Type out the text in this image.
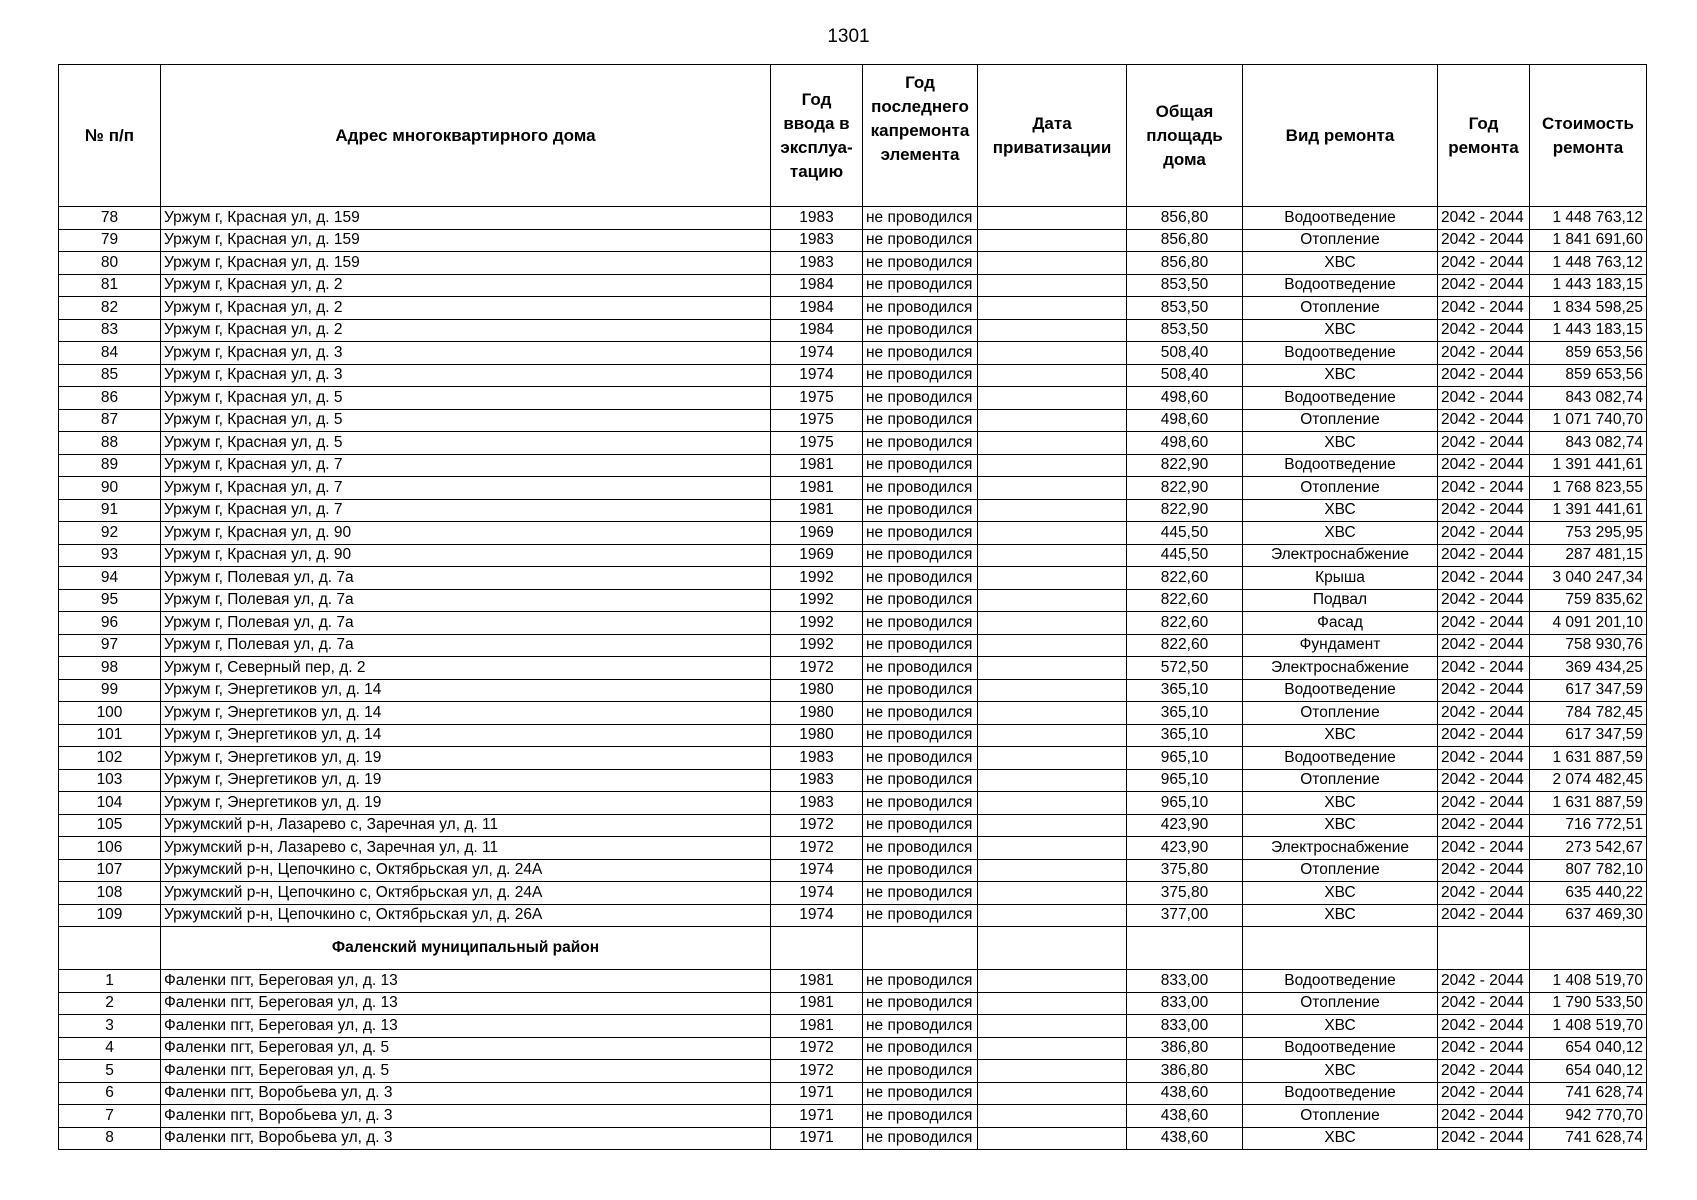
1301
№ п/п	Адрес многоквартирного дома	Год ввода в эксплуа-тацию	Год последнего капремонта элемента	Дата приватизации	Общая площадь дома	Вид ремонта	Год ремонта	Стоимость ремонта
78	Уржум г, Красная ул, д. 159	1983	не проводился		856,80	Водоотведение	2042 - 2044	1 448 763,12
79	Уржум г, Красная ул, д. 159	1983	не проводился		856,80	Отопление	2042 - 2044	1 841 691,60
80	Уржум г, Красная ул, д. 159	1983	не проводился		856,80	ХВС	2042 - 2044	1 448 763,12
81	Уржум г, Красная ул, д. 2	1984	не проводился		853,50	Водоотведение	2042 - 2044	1 443 183,15
82	Уржум г, Красная ул, д. 2	1984	не проводился		853,50	Отопление	2042 - 2044	1 834 598,25
83	Уржум г, Красная ул, д. 2	1984	не проводился		853,50	ХВС	2042 - 2044	1 443 183,15
84	Уржум г, Красная ул, д. 3	1974	не проводился		508,40	Водоотведение	2042 - 2044	859 653,56
85	Уржум г, Красная ул, д. 3	1974	не проводился		508,40	ХВС	2042 - 2044	859 653,56
86	Уржум г, Красная ул, д. 5	1975	не проводился		498,60	Водоотведение	2042 - 2044	843 082,74
87	Уржум г, Красная ул, д. 5	1975	не проводился		498,60	Отопление	2042 - 2044	1 071 740,70
88	Уржум г, Красная ул, д. 5	1975	не проводился		498,60	ХВС	2042 - 2044	843 082,74
89	Уржум г, Красная ул, д. 7	1981	не проводился		822,90	Водоотведение	2042 - 2044	1 391 441,61
90	Уржум г, Красная ул, д. 7	1981	не проводился		822,90	Отопление	2042 - 2044	1 768 823,55
91	Уржум г, Красная ул, д. 7	1981	не проводился		822,90	ХВС	2042 - 2044	1 391 441,61
92	Уржум г, Красная ул, д. 90	1969	не проводился		445,50	ХВС	2042 - 2044	753 295,95
93	Уржум г, Красная ул, д. 90	1969	не проводился		445,50	Электроснабжение	2042 - 2044	287 481,15
94	Уржум г, Полевая ул, д. 7а	1992	не проводился		822,60	Крыша	2042 - 2044	3 040 247,34
95	Уржум г, Полевая ул, д. 7а	1992	не проводился		822,60	Подвал	2042 - 2044	759 835,62
96	Уржум г, Полевая ул, д. 7а	1992	не проводился		822,60	Фасад	2042 - 2044	4 091 201,10
97	Уржум г, Полевая ул, д. 7а	1992	не проводился		822,60	Фундамент	2042 - 2044	758 930,76
98	Уржум г, Северный пер, д. 2	1972	не проводился		572,50	Электроснабжение	2042 - 2044	369 434,25
99	Уржум г, Энергетиков ул, д. 14	1980	не проводился		365,10	Водоотведение	2042 - 2044	617 347,59
100	Уржум г, Энергетиков ул, д. 14	1980	не проводился		365,10	Отопление	2042 - 2044	784 782,45
101	Уржум г, Энергетиков ул, д. 14	1980	не проводился		365,10	ХВС	2042 - 2044	617 347,59
102	Уржум г, Энергетиков ул, д. 19	1983	не проводился		965,10	Водоотведение	2042 - 2044	1 631 887,59
103	Уржум г, Энергетиков ул, д. 19	1983	не проводился		965,10	Отопление	2042 - 2044	2 074 482,45
104	Уржум г, Энергетиков ул, д. 19	1983	не проводился		965,10	ХВС	2042 - 2044	1 631 887,59
105	Уржумский р-н, Лазарево с, Заречная ул, д. 11	1972	не проводился		423,90	ХВС	2042 - 2044	716 772,51
106	Уржумский р-н, Лазарево с, Заречная ул, д. 11	1972	не проводился		423,90	Электроснабжение	2042 - 2044	273 542,67
107	Уржумский р-н, Цепочкино с, Октябрьская ул, д. 24А	1974	не проводился		375,80	Отопление	2042 - 2044	807 782,10
108	Уржумский р-н, Цепочкино с, Октябрьская ул, д. 24А	1974	не проводился		375,80	ХВС	2042 - 2044	635 440,22
109	Уржумский р-н, Цепочкино с, Октябрьская ул, д. 26А	1974	не проводился		377,00	ХВС	2042 - 2044	637 469,30
	Фаленский муниципальный район							
1	Фаленки пгт, Береговая ул, д. 13	1981	не проводился		833,00	Водоотведение	2042 - 2044	1 408 519,70
2	Фаленки пгт, Береговая ул, д. 13	1981	не проводился		833,00	Отопление	2042 - 2044	1 790 533,50
3	Фаленки пгт, Береговая ул, д. 13	1981	не проводился		833,00	ХВС	2042 - 2044	1 408 519,70
4	Фаленки пгт, Береговая ул, д. 5	1972	не проводился		386,80	Водоотведение	2042 - 2044	654 040,12
5	Фаленки пгт, Береговая ул, д. 5	1972	не проводился		386,80	ХВС	2042 - 2044	654 040,12
6	Фаленки пгт, Воробьева ул, д. 3	1971	не проводился		438,60	Водоотведение	2042 - 2044	741 628,74
7	Фаленки пгт, Воробьева ул, д. 3	1971	не проводился		438,60	Отопление	2042 - 2044	942 770,70
8	Фаленки пгт, Воробьева ул, д. 3	1971	не проводился		438,60	ХВС	2042 - 2044	741 628,74
